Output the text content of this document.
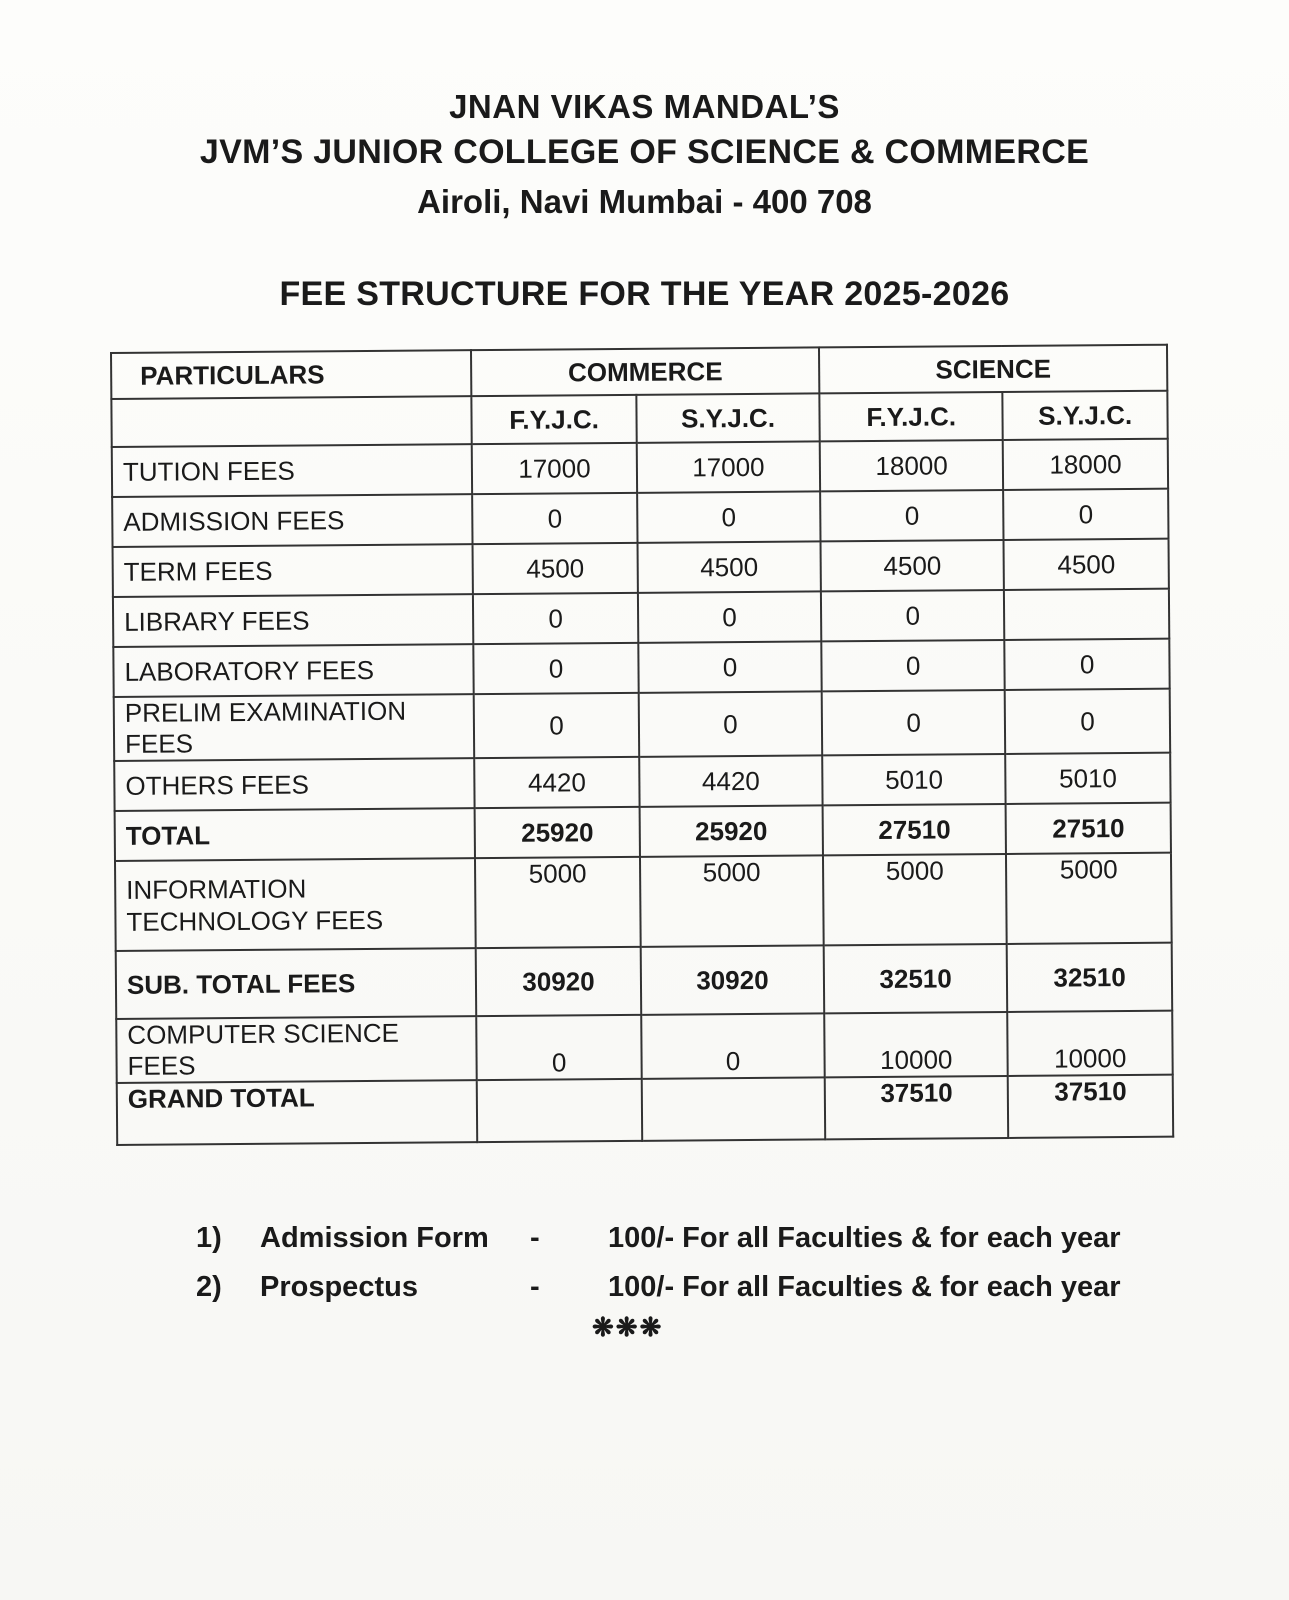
JNAN VIKAS MANDAL’S
JVM’S JUNIOR COLLEGE OF SCIENCE & COMMERCE
Airoli, Navi Mumbai - 400 708
FEE STRUCTURE FOR THE YEAR 2025-2026
PARTICULARS	COMMERCE		SCIENCE	
	F.Y.J.C.	S.Y.J.C.	F.Y.J.C.	S.Y.J.C.
TUTION FEES	17000	17000	18000	18000
ADMISSION FEES	0	0	0	0
TERM FEES	4500	4500	4500	4500
LIBRARY FEES	0	0	0	
LABORATORY FEES	0	0	0	0
PRELIM EXAMINATION FEES	0	0	0	0
OTHERS FEES	4420	4420	5010	5010
TOTAL	25920	25920	27510	27510
INFORMATION
TECHNOLOGY FEES	5000	5000	5000	5000
SUB. TOTAL FEES	30920	30920	32510	32510
COMPUTER SCIENCE FEES	0	0	10000	10000
GRAND TOTAL			37510	37510
1) Admission Form - 100/- For all Faculties & for each year
2) Prospectus	- 100/- For all Faculties & for each year
❋❋❋
